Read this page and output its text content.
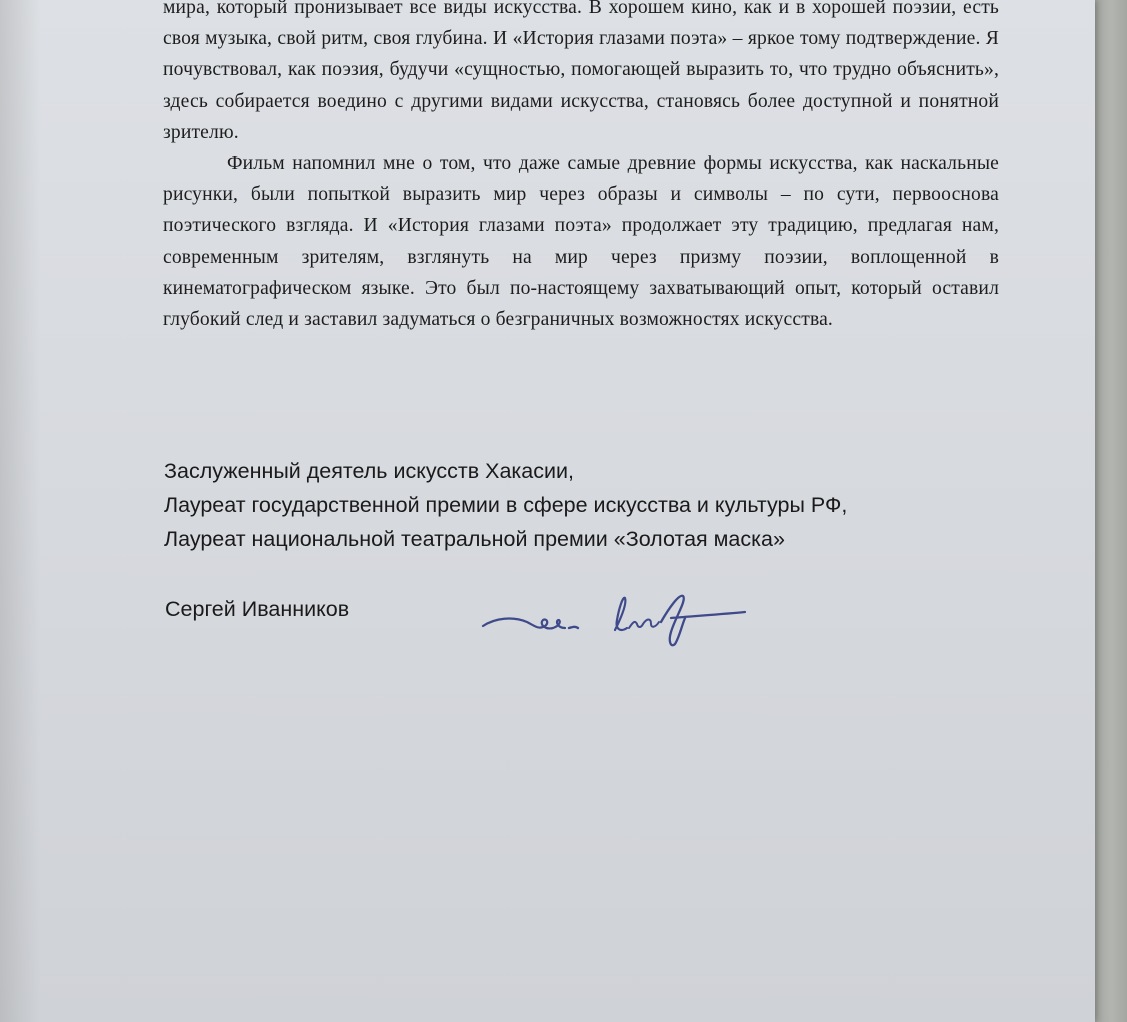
мира, который пронизывает все виды искусства. В хорошем кино, как и в хорошей поэзии, есть своя музыка, свой ритм, своя глубина. И «История глазами поэта» – яркое тому подтверждение. Я почувствовал, как поэзия, будучи «сущностью, помогающей выразить то, что трудно объяснить», здесь собирается воедино с другими видами искусства, становясь более доступной и понятной зрителю.

Фильм напомнил мне о том, что даже самые древние формы искусства, как наскальные рисунки, были попыткой выразить мир через образы и символы – по сути, первооснова поэтического взгляда. И «История глазами поэта» продолжает эту традицию, предлагая нам, современным зрителям, взглянуть на мир через призму поэзии, воплощенной в кинематографическом языке. Это был по-настоящему захватывающий опыт, который оставил глубокий след и заставил задуматься о безграничных возможностях искусства.

Заслуженный деятель искусств Хакасии,
Лауреат государственной премии в сфере искусства и культуры РФ,
Лауреат национальной театральной премии «Золотая маска»
Сергей Иванников
